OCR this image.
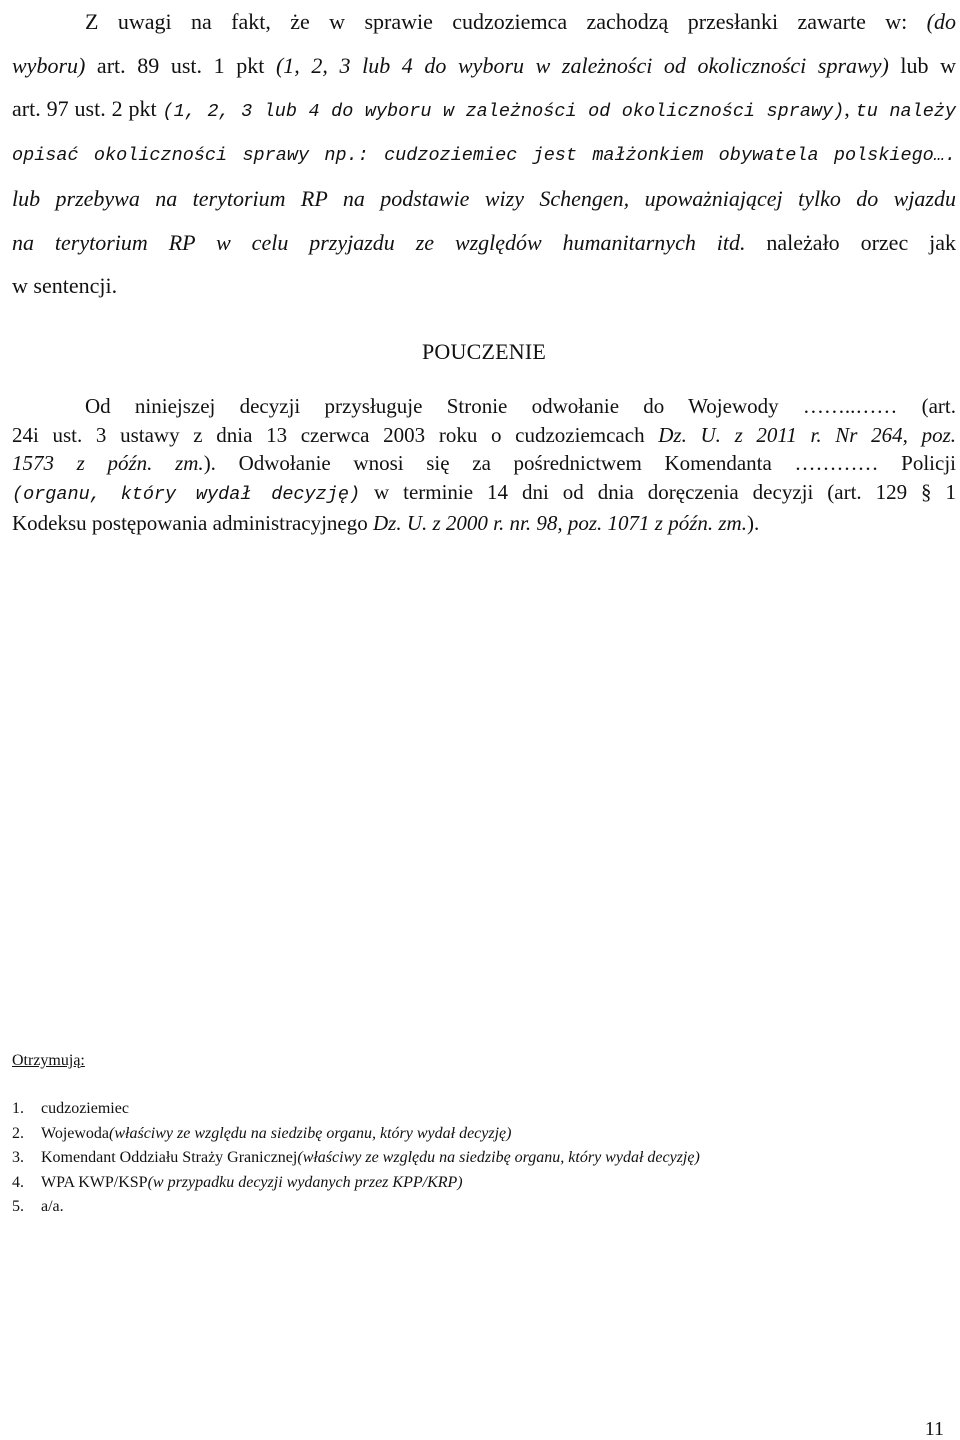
Z uwagi na fakt, że w sprawie cudzoziemca zachodzą przesłanki zawarte w: (do
wyboru) art. 89 ust. 1 pkt (1, 2, 3 lub 4 do wyboru w zależności od okoliczności sprawy) lub w
art. 97 ust. 2 pkt (1, 2, 3 lub 4 do wyboru w zależności od okoliczności sprawy), tu należy
opisać okoliczności sprawy np.: cudzoziemiec jest małżonkiem obywatela polskiego….
lub przebywa na terytorium RP na podstawie wizy Schengen, upoważniającej tylko do wjazdu
na terytorium RP w celu przyjazdu ze względów humanitarnych itd. należało orzec jak
w sentencji.
POUCZENIE
Od niniejszej decyzji przysługuje Stronie odwołanie do Wojewody ……..…… (art.
24i ust. 3 ustawy z dnia 13 czerwca 2003 roku o cudzoziemcach Dz. U. z 2011 r. Nr 264, poz.
1573 z późn. zm.). Odwołanie wnosi się za pośrednictwem Komendanta ………… Policji
(organu, który wydał decyzję) w terminie 14 dni od dnia doręczenia decyzji (art. 129 § 1
Kodeksu postępowania administracyjnego Dz. U. z 2000 r. nr. 98, poz. 1071 z późn. zm.).
Otrzymują:
1.	cudzoziemiec
2.	Wojewoda (właściwy ze względu na siedzibę organu, który wydał decyzję)
3.	Komendant Oddziału Straży Granicznej (właściwy ze względu na siedzibę organu, który wydał decyzję)
4.	WPA KWP/KSP (w przypadku decyzji wydanych przez KPP/KRP)
5.	a/a.
11
